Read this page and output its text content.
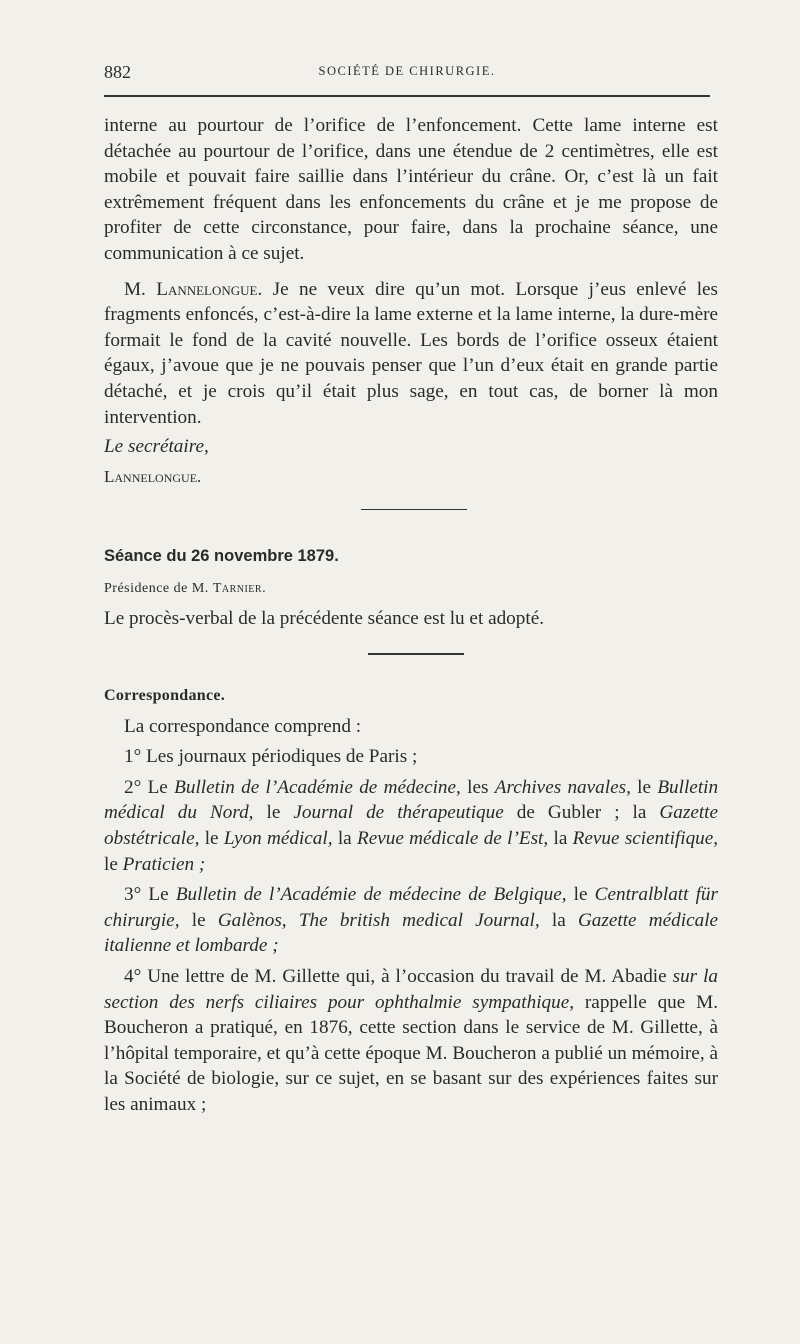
882	SOCIÉTÉ DE CHIRURGIE.

interne au pourtour de l’orifice de l’enfoncement. Cette lame interne est détachée au pourtour de l’orifice, dans une étendue de 2 centimètres, elle est mobile et pouvait faire saillie dans l’intérieur du crâne. Or, c’est là un fait extrêmement fréquent dans les enfoncements du crâne et je me propose de profiter de cette circonstance, pour faire, dans la prochaine séance, une communication à ce sujet.

M. Lannelongue. Je ne veux dire qu’un mot. Lorsque j’eus enlevé les fragments enfoncés, c’est-à-dire la lame externe et la lame interne, la dure-mère formait le fond de la cavité nouvelle. Les bords de l’orifice osseux étaient égaux, j’avoue que je ne pouvais penser que l’un d’eux était en grande partie détaché, et je crois qu’il était plus sage, en tout cas, de borner là mon intervention.

Le secrétaire,

Lannelongue.

Séance du 26 novembre 1879.

Présidence de M. Tarnier.

Le procès-verbal de la précédente séance est lu et adopté.

Correspondance.

La correspondance comprend :

1° Les journaux périodiques de Paris ;

2° Le Bulletin de l’Académie de médecine, les Archives navales, le Bulletin médical du Nord, le Journal de thérapeutique de Gubler ; la Gazette obstétricale, le Lyon médical, la Revue médicale de l’Est, la Revue scientifique, le Praticien ;

3° Le Bulletin de l’Académie de médecine de Belgique, le Centralblatt für chirurgie, le Galènos, The british medical Journal, la Gazette médicale italienne et lombarde ;

4° Une lettre de M. Gillette qui, à l’occasion du travail de M. Abadie sur la section des nerfs ciliaires pour ophthalmie sympathique, rappelle que M. Boucheron a pratiqué, en 1876, cette section dans le service de M. Gillette, à l’hôpital temporaire, et qu’à cette époque M. Boucheron a publié un mémoire, à la Société de biologie, sur ce sujet, en se basant sur des expériences faites sur les animaux ;
